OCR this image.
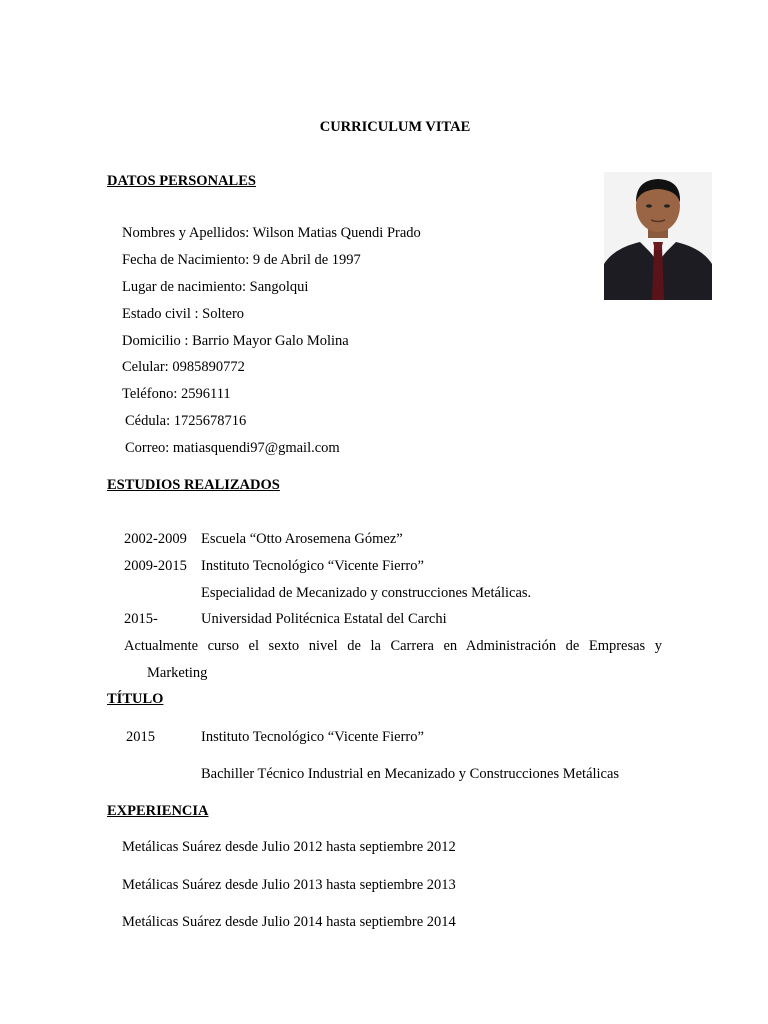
CURRICULUM VITAE
DATOS PERSONALES
Nombres y Apellidos: Wilson Matias Quendi Prado
Fecha de Nacimiento: 9 de Abril de 1997
Lugar de nacimiento: Sangolqui
Estado civil : Soltero
Domicilio : Barrio Mayor Galo Molina
Celular: 0985890772
Teléfono: 2596111
Cédula: 1725678716
Correo: matiasquendi97@gmail.com
ESTUDIOS REALIZADOS
2002-2009 Escuela “Otto Arosemena Gómez”
2009-2015 Instituto Tecnológico “Vicente Fierro”
Especialidad de Mecanizado y construcciones Metálicas.
2015-	Universidad Politécnica Estatal del Carchi
Actualmente curso el sexto nivel de la Carrera en Administración de Empresas y
Marketing
TÍTULO
2015	Instituto Tecnológico “Vicente Fierro”
Bachiller Técnico Industrial en Mecanizado y Construcciones Metálicas
EXPERIENCIA
Metálicas Suárez desde Julio 2012 hasta septiembre 2012
Metálicas Suárez desde Julio 2013 hasta septiembre 2013
Metálicas Suárez desde Julio 2014 hasta septiembre 2014
